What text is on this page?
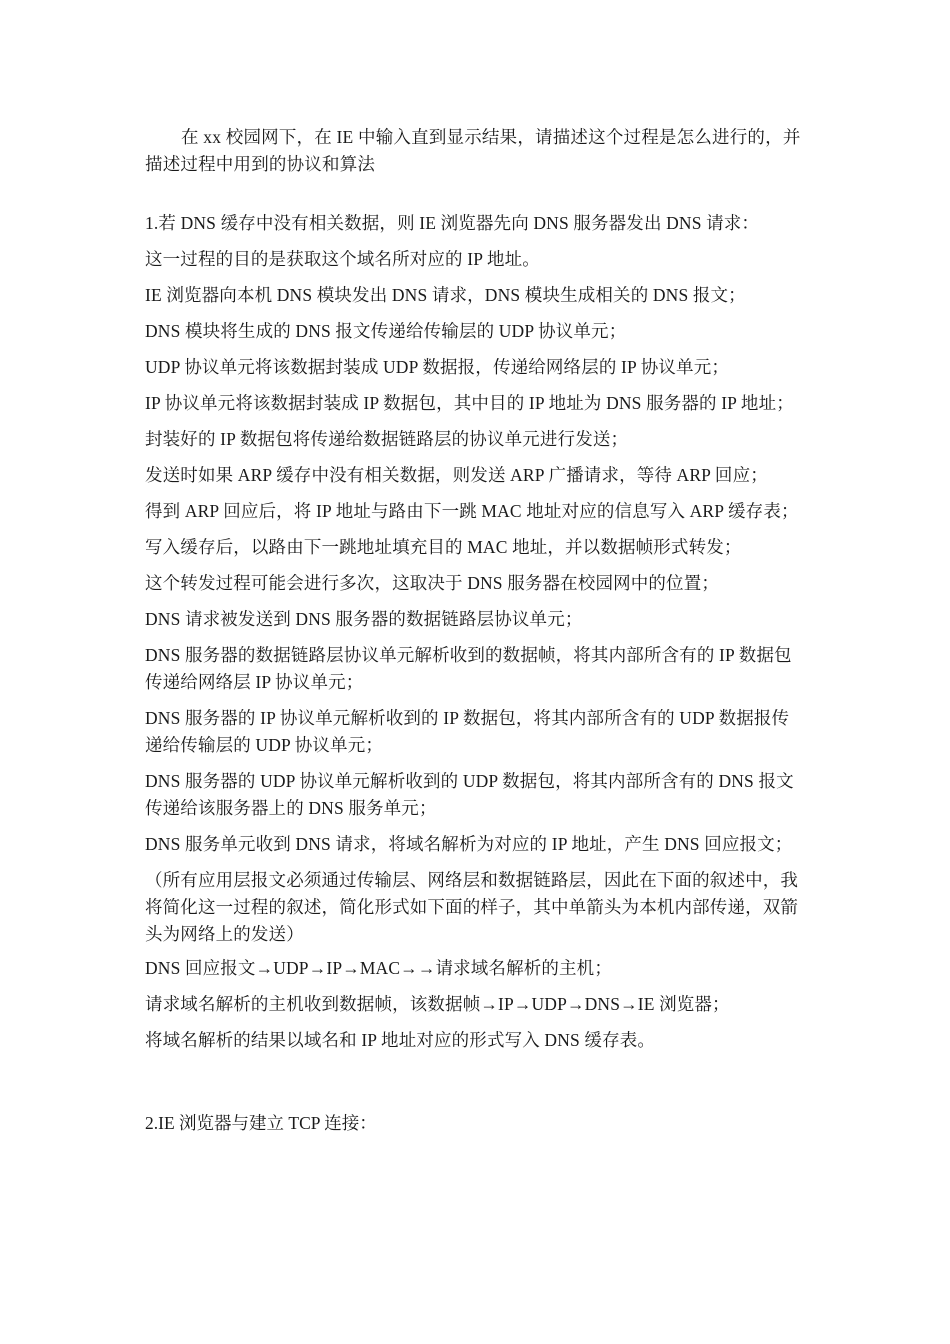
在 xx 校园网下，在 IE 中输入直到显示结果，请描述这个过程是怎么进行的，并描述过程中用到的协议和算法

1.若 DNS 缓存中没有相关数据，则 IE 浏览器先向 DNS 服务器发出 DNS 请求：

这一过程的目的是获取这个域名所对应的 IP 地址。

IE 浏览器向本机 DNS 模块发出 DNS 请求，DNS 模块生成相关的 DNS 报文；

DNS 模块将生成的 DNS 报文传递给传输层的 UDP 协议单元；

UDP 协议单元将该数据封装成 UDP 数据报，传递给网络层的 IP 协议单元；

IP 协议单元将该数据封装成 IP 数据包，其中目的 IP 地址为 DNS 服务器的 IP 地址；

封装好的 IP 数据包将传递给数据链路层的协议单元进行发送；

发送时如果 ARP 缓存中没有相关数据，则发送 ARP 广播请求，等待 ARP 回应；

得到 ARP 回应后，将 IP 地址与路由下一跳 MAC 地址对应的信息写入 ARP 缓存表；

写入缓存后，以路由下一跳地址填充目的 MAC 地址，并以数据帧形式转发；

这个转发过程可能会进行多次，这取决于 DNS 服务器在校园网中的位置；

DNS 请求被发送到 DNS 服务器的数据链路层协议单元；

DNS 服务器的数据链路层协议单元解析收到的数据帧，将其内部所含有的 IP 数据包传递给网络层 IP 协议单元；

DNS 服务器的 IP 协议单元解析收到的 IP 数据包，将其内部所含有的 UDP 数据报传递给传输层的 UDP 协议单元；

DNS 服务器的 UDP 协议单元解析收到的 UDP 数据包，将其内部所含有的 DNS 报文传递给该服务器上的 DNS 服务单元；

DNS 服务单元收到 DNS 请求，将域名解析为对应的 IP 地址，产生 DNS 回应报文；

（所有应用层报文必须通过传输层、网络层和数据链路层，因此在下面的叙述中，我将简化这一过程的叙述，简化形式如下面的样子，其中单箭头为本机内部传递，双箭头为网络上的发送）

DNS 回应报文→UDP→IP→MAC→→请求域名解析的主机；

请求域名解析的主机收到数据帧，该数据帧→IP→UDP→DNS→IE 浏览器；

将域名解析的结果以域名和 IP 地址对应的形式写入 DNS 缓存表。

2.IE 浏览器与建立 TCP 连接：
